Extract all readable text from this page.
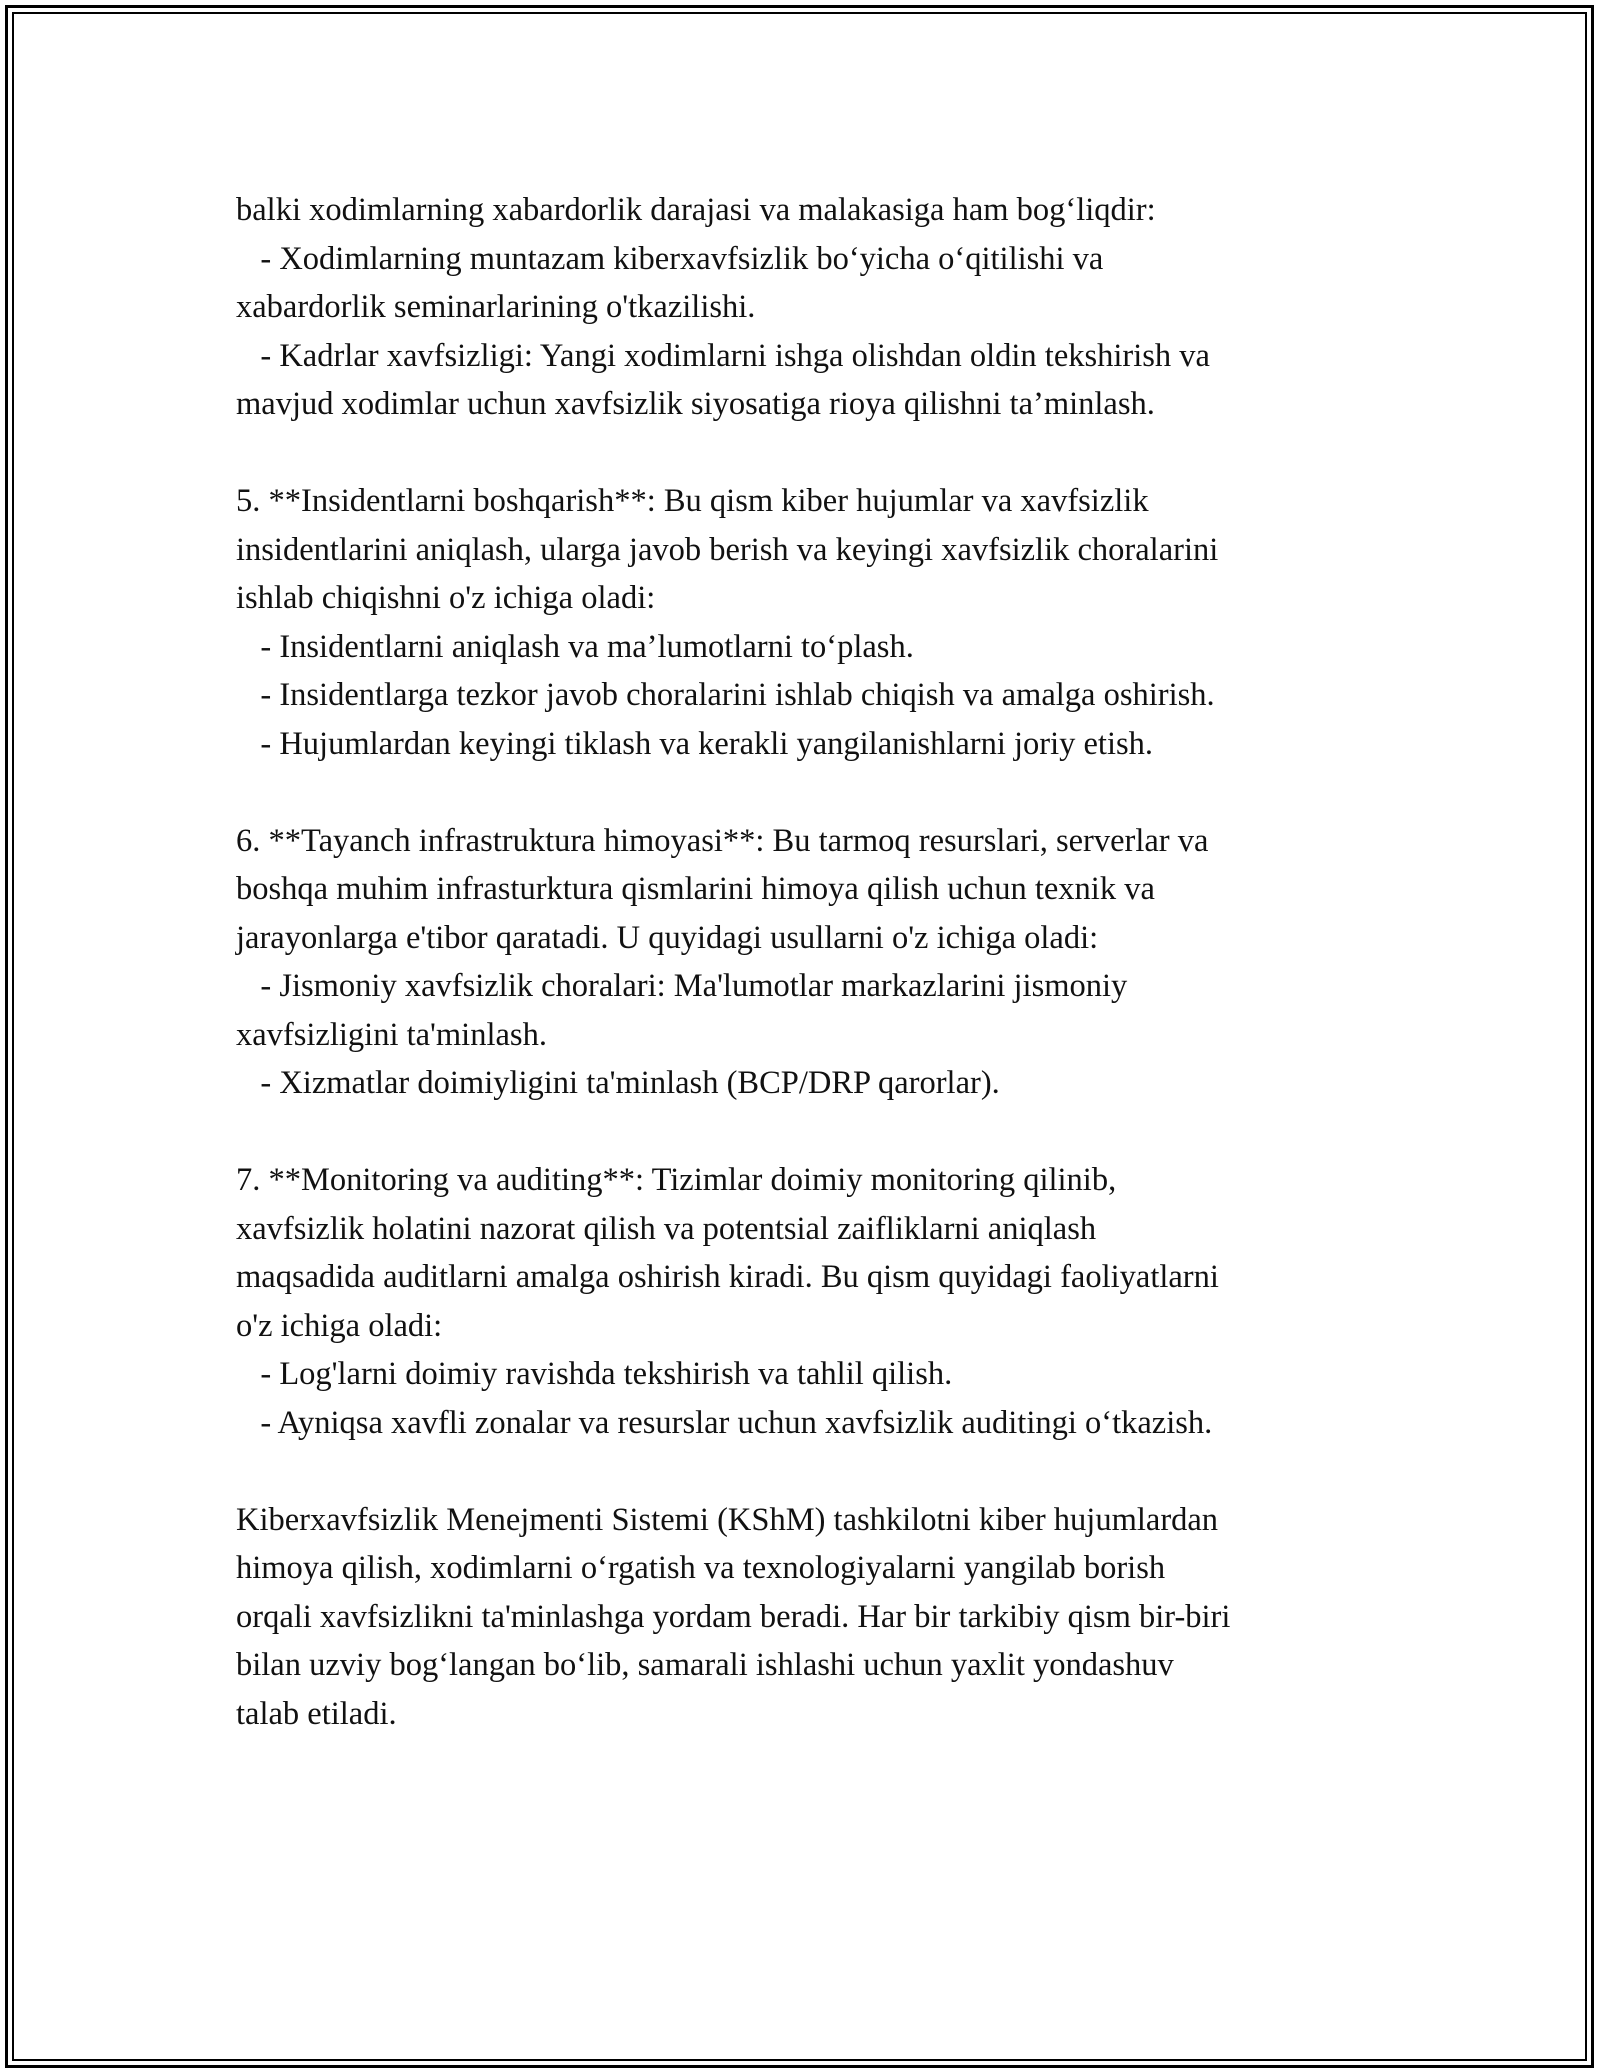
balki xodimlarning xabardorlik darajasi va malakasiga ham bog‘liqdir:
- Xodimlarning muntazam kiberxavfsizlik bo‘yicha o‘qitilishi va
xabardorlik seminarlarining o'tkazilishi.
- Kadrlar xavfsizligi: Yangi xodimlarni ishga olishdan oldin tekshirish va
mavjud xodimlar uchun xavfsizlik siyosatiga rioya qilishni ta’minlash.
5. **Insidentlarni boshqarish**: Bu qism kiber hujumlar va xavfsizlik
insidentlarini aniqlash, ularga javob berish va keyingi xavfsizlik choralarini
ishlab chiqishni o'z ichiga oladi:
- Insidentlarni aniqlash va ma’lumotlarni to‘plash.
- Insidentlarga tezkor javob choralarini ishlab chiqish va amalga oshirish.
- Hujumlardan keyingi tiklash va kerakli yangilanishlarni joriy etish.
6. **Tayanch infrastruktura himoyasi**: Bu tarmoq resurslari, serverlar va
boshqa muhim infrasturktura qismlarini himoya qilish uchun texnik va
jarayonlarga e'tibor qaratadi. U quyidagi usullarni o'z ichiga oladi:
- Jismoniy xavfsizlik choralari: Ma'lumotlar markazlarini jismoniy
xavfsizligini ta'minlash.
- Xizmatlar doimiyligini ta'minlash (BCP/DRP qarorlar).
7. **Monitoring va auditing**: Tizimlar doimiy monitoring qilinib,
xavfsizlik holatini nazorat qilish va potentsial zaifliklarni aniqlash
maqsadida auditlarni amalga oshirish kiradi. Bu qism quyidagi faoliyatlarni
o'z ichiga oladi:
- Log'larni doimiy ravishda tekshirish va tahlil qilish.
- Ayniqsa xavfli zonalar va resurslar uchun xavfsizlik auditingi o‘tkazish.
Kiberxavfsizlik Menejmenti Sistemi (KShM) tashkilotni kiber hujumlardan
himoya qilish, xodimlarni o‘rgatish va texnologiyalarni yangilab borish
orqali xavfsizlikni ta'minlashga yordam beradi. Har bir tarkibiy qism bir-biri
bilan uzviy bog‘langan bo‘lib, samarali ishlashi uchun yaxlit yondashuv
talab etiladi.
